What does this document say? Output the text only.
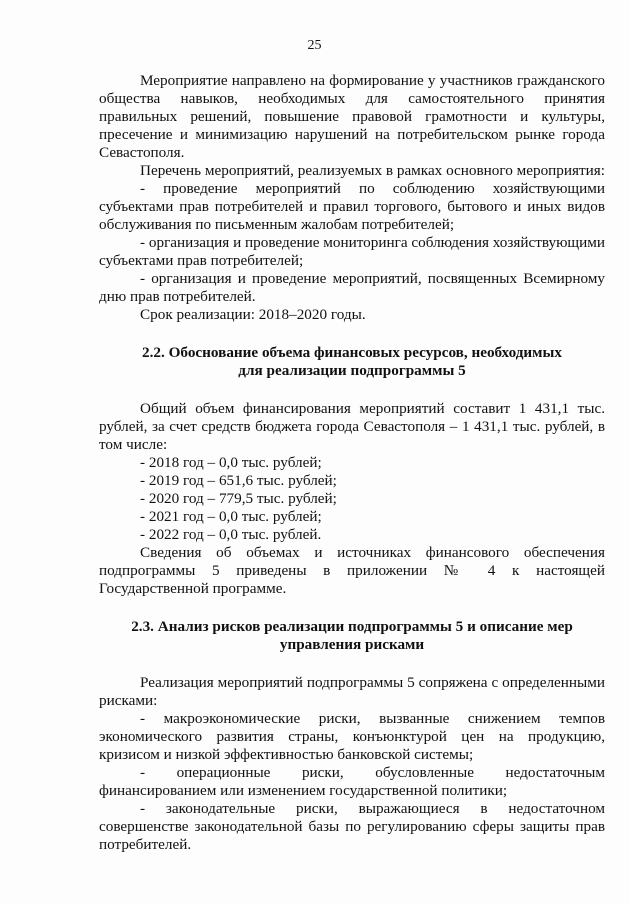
25
Мероприятие направлено на формирование у участников гражданского
общества навыков, необходимых для самостоятельного принятия
правильных решений, повышение правовой грамотности и культуры,
пресечение и минимизацию нарушений на потребительском рынке города
Севастополя.
Перечень мероприятий, реализуемых в рамках основного мероприятия:
- проведение мероприятий по соблюдению хозяйствующими
субъектами прав потребителей и правил торгового, бытового и иных видов
обслуживания по письменным жалобам потребителей;
- организация и проведение мониторинга соблюдения хозяйствующими
субъектами прав потребителей;
- организация и проведение мероприятий, посвященных Всемирному
дню прав потребителей.
Срок реализации: 2018–2020 годы.
2.2. Обоснование объема финансовых ресурсов, необходимых
для реализации подпрограммы 5
Общий объем финансирования мероприятий составит 1 431,1 тыс.
рублей, за счет средств бюджета города Севастополя – 1 431,1 тыс. рублей, в
том числе:
- 2018 год – 0,0 тыс. рублей;
- 2019 год – 651,6 тыс. рублей;
- 2020 год – 779,5 тыс. рублей;
- 2021 год – 0,0 тыс. рублей;
- 2022 год – 0,0 тыс. рублей.
Сведения об объемах и источниках финансового обеспечения
подпрограммы 5 приведены в приложении № 4 к настоящей
Государственной программе.
2.3. Анализ рисков реализации подпрограммы 5 и описание мер
управления рисками
Реализация мероприятий подпрограммы 5 сопряжена с определенными
рисками:
- макроэкономические риски, вызванные снижением темпов
экономического развития страны, конъюнктурой цен на продукцию,
кризисом и низкой эффективностью банковской системы;
- операционные риски, обусловленные недостаточным
финансированием или изменением государственной политики;
- законодательные риски, выражающиеся в недостаточном
совершенстве законодательной базы по регулированию сферы защиты прав
потребителей.
